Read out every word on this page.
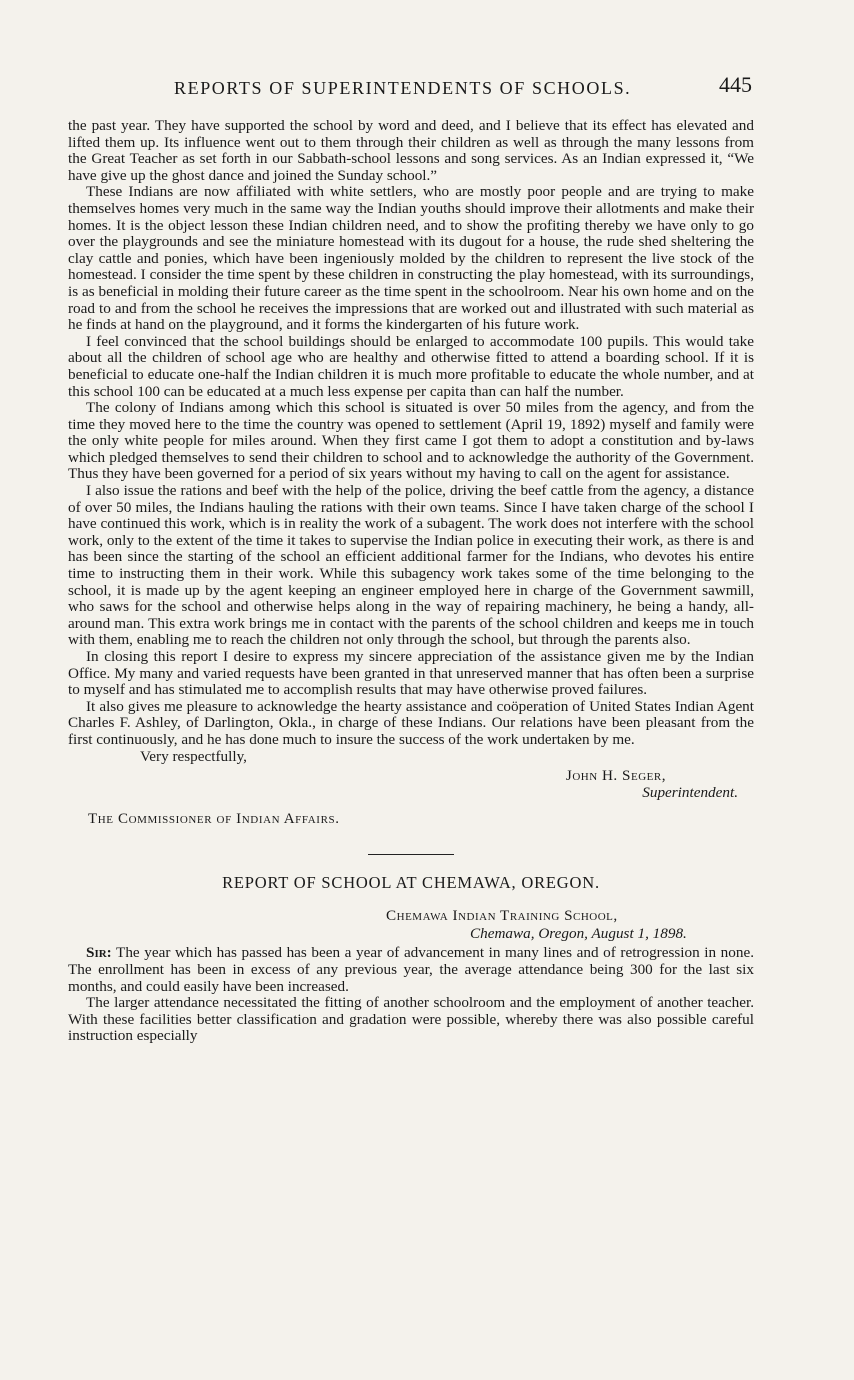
REPORTS OF SUPERINTENDENTS OF SCHOOLS.	445

the past year. They have supported the school by word and deed, and I believe that its effect has elevated and lifted them up. Its influence went out to them through their children as well as through the many lessons from the Great Teacher as set forth in our Sabbath-school lessons and song services. As an Indian expressed it, “We have give up the ghost dance and joined the Sunday school.”

These Indians are now affiliated with white settlers, who are mostly poor people and are trying to make themselves homes very much in the same way the Indian youths should improve their allotments and make their homes. It is the object lesson these Indian children need, and to show the profiting thereby we have only to go over the playgrounds and see the miniature homestead with its dugout for a house, the rude shed sheltering the clay cattle and ponies, which have been ingeniously molded by the children to represent the live stock of the homestead. I consider the time spent by these children in constructing the play homestead, with its surroundings, is as beneficial in molding their future career as the time spent in the schoolroom. Near his own home and on the road to and from the school he receives the impressions that are worked out and illustrated with such material as he finds at hand on the playground, and it forms the kindergarten of his future work.

I feel convinced that the school buildings should be enlarged to accommodate 100 pupils. This would take about all the children of school age who are healthy and otherwise fitted to attend a boarding school. If it is beneficial to educate one-half the Indian children it is much more profitable to educate the whole number, and at this school 100 can be educated at a much less expense per capita than can half the number.

The colony of Indians among which this school is situated is over 50 miles from the agency, and from the time they moved here to the time the country was opened to settlement (April 19, 1892) myself and family were the only white people for miles around. When they first came I got them to adopt a constitution and by-laws which pledged themselves to send their children to school and to acknowledge the authority of the Government. Thus they have been governed for a period of six years without my having to call on the agent for assistance.

I also issue the rations and beef with the help of the police, driving the beef cattle from the agency, a distance of over 50 miles, the Indians hauling the rations with their own teams. Since I have taken charge of the school I have continued this work, which is in reality the work of a subagent. The work does not interfere with the school work, only to the extent of the time it takes to supervise the Indian police in executing their work, as there is and has been since the starting of the school an efficient additional farmer for the Indians, who devotes his entire time to instructing them in their work. While this subagency work takes some of the time belonging to the school, it is made up by the agent keeping an engineer employed here in charge of the Government sawmill, who saws for the school and otherwise helps along in the way of repairing machinery, he being a handy, all-around man. This extra work brings me in contact with the parents of the school children and keeps me in touch with them, enabling me to reach the children not only through the school, but through the parents also.

In closing this report I desire to express my sincere appreciation of the assistance given me by the Indian Office. My many and varied requests have been granted in that unreserved manner that has often been a surprise to myself and has stimulated me to accomplish results that may have otherwise proved failures.

It also gives me pleasure to acknowledge the hearty assistance and coöperation of United States Indian Agent Charles F. Ashley, of Darlington, Okla., in charge of these Indians. Our relations have been pleasant from the first continuously, and he has done much to insure the success of the work undertaken by me.

Very respectfully,

John H. Seger,
Superintendent.
The Commissioner of Indian Affairs.
REPORT OF SCHOOL AT CHEMAWA, OREGON.
Chemawa Indian Training School,
Chemawa, Oregon, August 1, 1898.

Sir: The year which has passed has been a year of advancement in many lines and of retrogression in none. The enrollment has been in excess of any previous year, the average attendance being 300 for the last six months, and could easily have been increased.

The larger attendance necessitated the fitting of another schoolroom and the employment of another teacher. With these facilities better classification and gradation were possible, whereby there was also possible careful instruction especially
